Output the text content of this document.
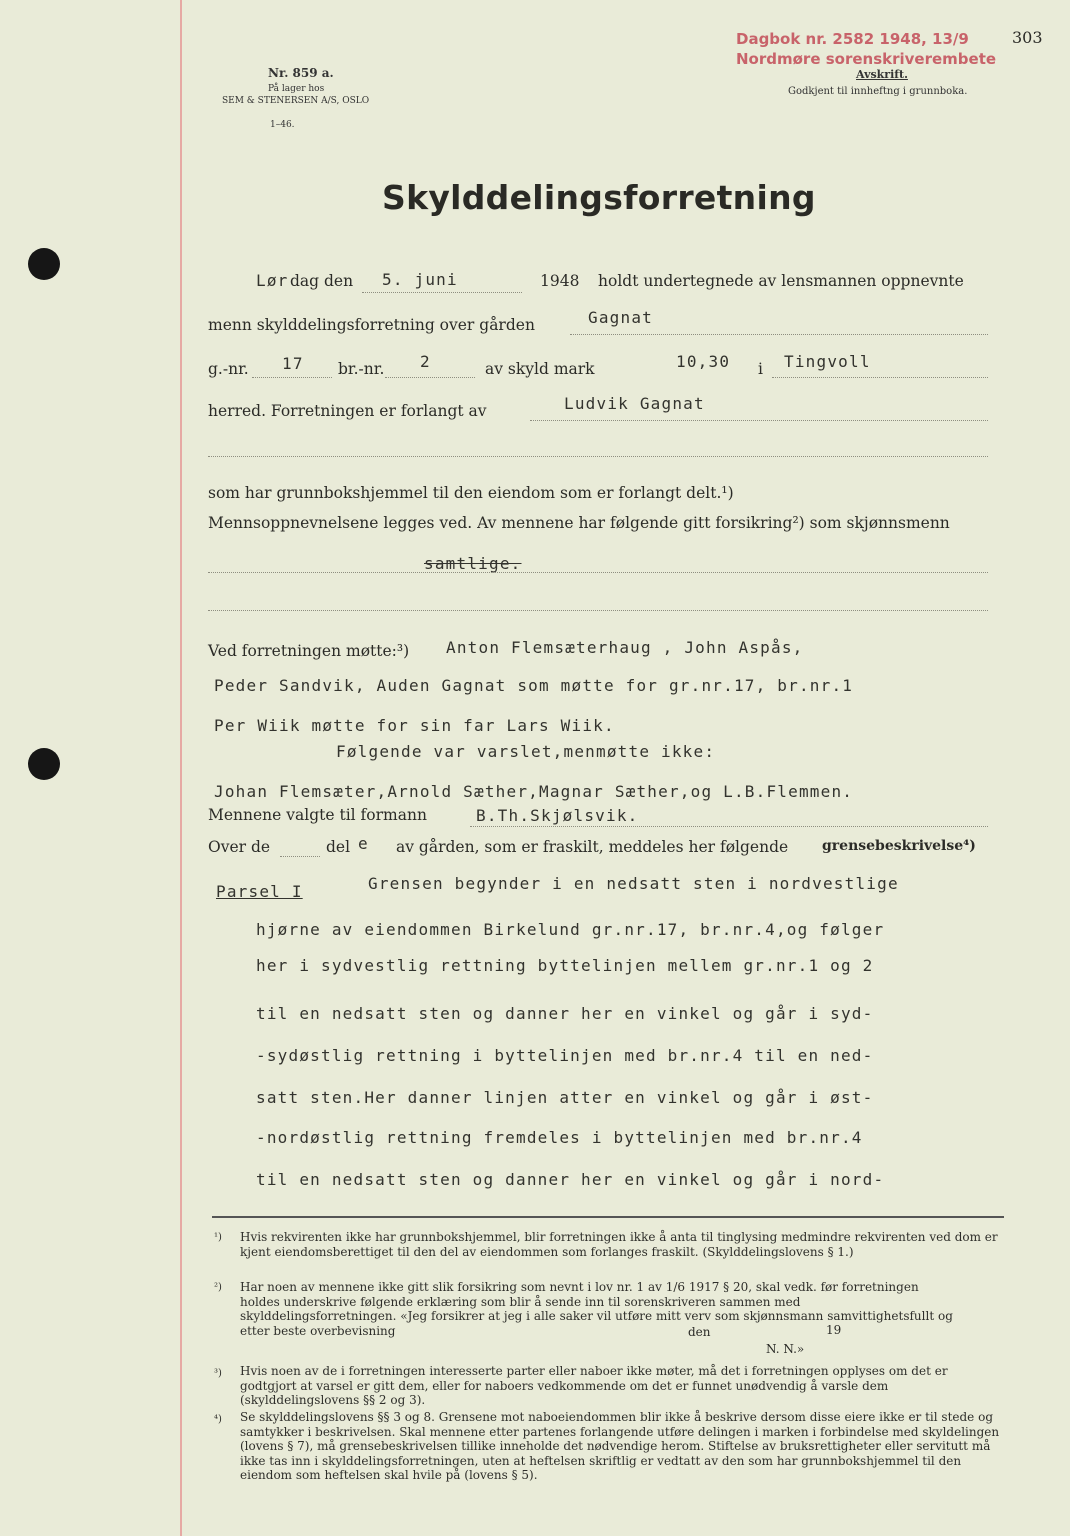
Dagbok nr. 2582 1948, 13/9	303
Nordmøre sorenskriverembete
Avskrift.
Godkjent til innheftng i grunnboka.
Nr. 859 a.
På lager hos
SEM & STENERSEN A/S, OSLO
1–46.
Skylddelingsforretning
Lør dag den 5. juni	1948 holdt undertegnede av lensmannen oppnevnte
menn skylddelingsforretning over gården	Gagnat
g.-nr. 17 br.-nr. 2	av skyld mark	10,30 i Tingvoll
herred. Forretningen er forlangt av	Ludvik Gagnat
som har grunnbokshjemmel til den eiendom som er forlangt delt.¹)
Mennsoppnevnelsene legges ved. Av mennene har følgende gitt forsikring²) som skjønnsmenn
samtlige.
Ved forretningen møtte:³) Anton Flemsæterhaug , John Aspås,
Peder Sandvik, Auden Gagnat som møtte for gr.nr.17, br.nr.1
Per Wiik møtte for sin far Lars Wiik.
Følgende var varslet,menmøtte ikke:
Johan Flemsæter,Arnold Sæther,Magnar Sæther,og L.B.Flemmen.
Mennene valgte til formann	B.Th.Skjølsvik.
Over de	del e av gården, som er fraskilt, meddeles her følgende grensebeskrivelse⁴)
Parsel I	Grensen begynder i en nedsatt sten i nordvestlige
hjørne av eiendommen Birkelund gr.nr.17, br.nr.4,og følger
her i sydvestlig rettning byttelinjen mellem gr.nr.1 og 2
til en nedsatt sten og danner her en vinkel og går i syd-
-sydøstlig rettning i byttelinjen med br.nr.4 til en ned-
satt sten.Her danner linjen atter en vinkel og går i øst-
-nordøstlig rettning fremdeles i byttelinjen med br.nr.4
til en nedsatt sten og danner her en vinkel og går i nord-
¹) Hvis rekvirenten ikke har grunnbokshjemmel, blir forretningen ikke å anta til tinglysing medmindre rekvirenten ved dom er kjent eiendomsberettiget til den del av eiendommen som forlanges fraskilt. (Skylddelingslovens § 1.)
²) Har noen av mennene ikke gitt slik forsikring som nevnt i lov nr. 1 av 1/6 1917 § 20, skal vedk. før forretningen holdes underskrive følgende erklæring som blir å sende inn til sorenskriveren sammen med skylddelingsforretningen. «Jeg forsikrer at jeg i alle saker vil utføre mitt verv som skjønnsmann samvittighetsfullt og etter beste overbevisning	den	19
N. N.»
³) Hvis noen av de i forretningen interesserte parter eller naboer ikke møter, må det i forretningen opplyses om det er godtgjort at varsel er gitt dem, eller for naboers vedkommende om det er funnet unødvendig å varsle dem (skylddelingslovens §§ 2 og 3).
⁴) Se skylddelingslovens §§ 3 og 8. Grensene mot naboeiendommen blir ikke å beskrive dersom disse eiere ikke er til stede og samtykker i beskrivelsen. Skal mennene etter partenes forlangende utføre delingen i marken i forbindelse med skyldelingen (lovens § 7), må grensebeskrivelsen tillike inneholde det nødvendige herom. Stiftelse av bruksrettigheter eller servitutt må ikke tas inn i skylddelingsforretningen, uten at heftelsen skriftlig er vedtatt av den som har grunnbokshjemmel til den eiendom som heftelsen skal hvile på (lovens § 5).
